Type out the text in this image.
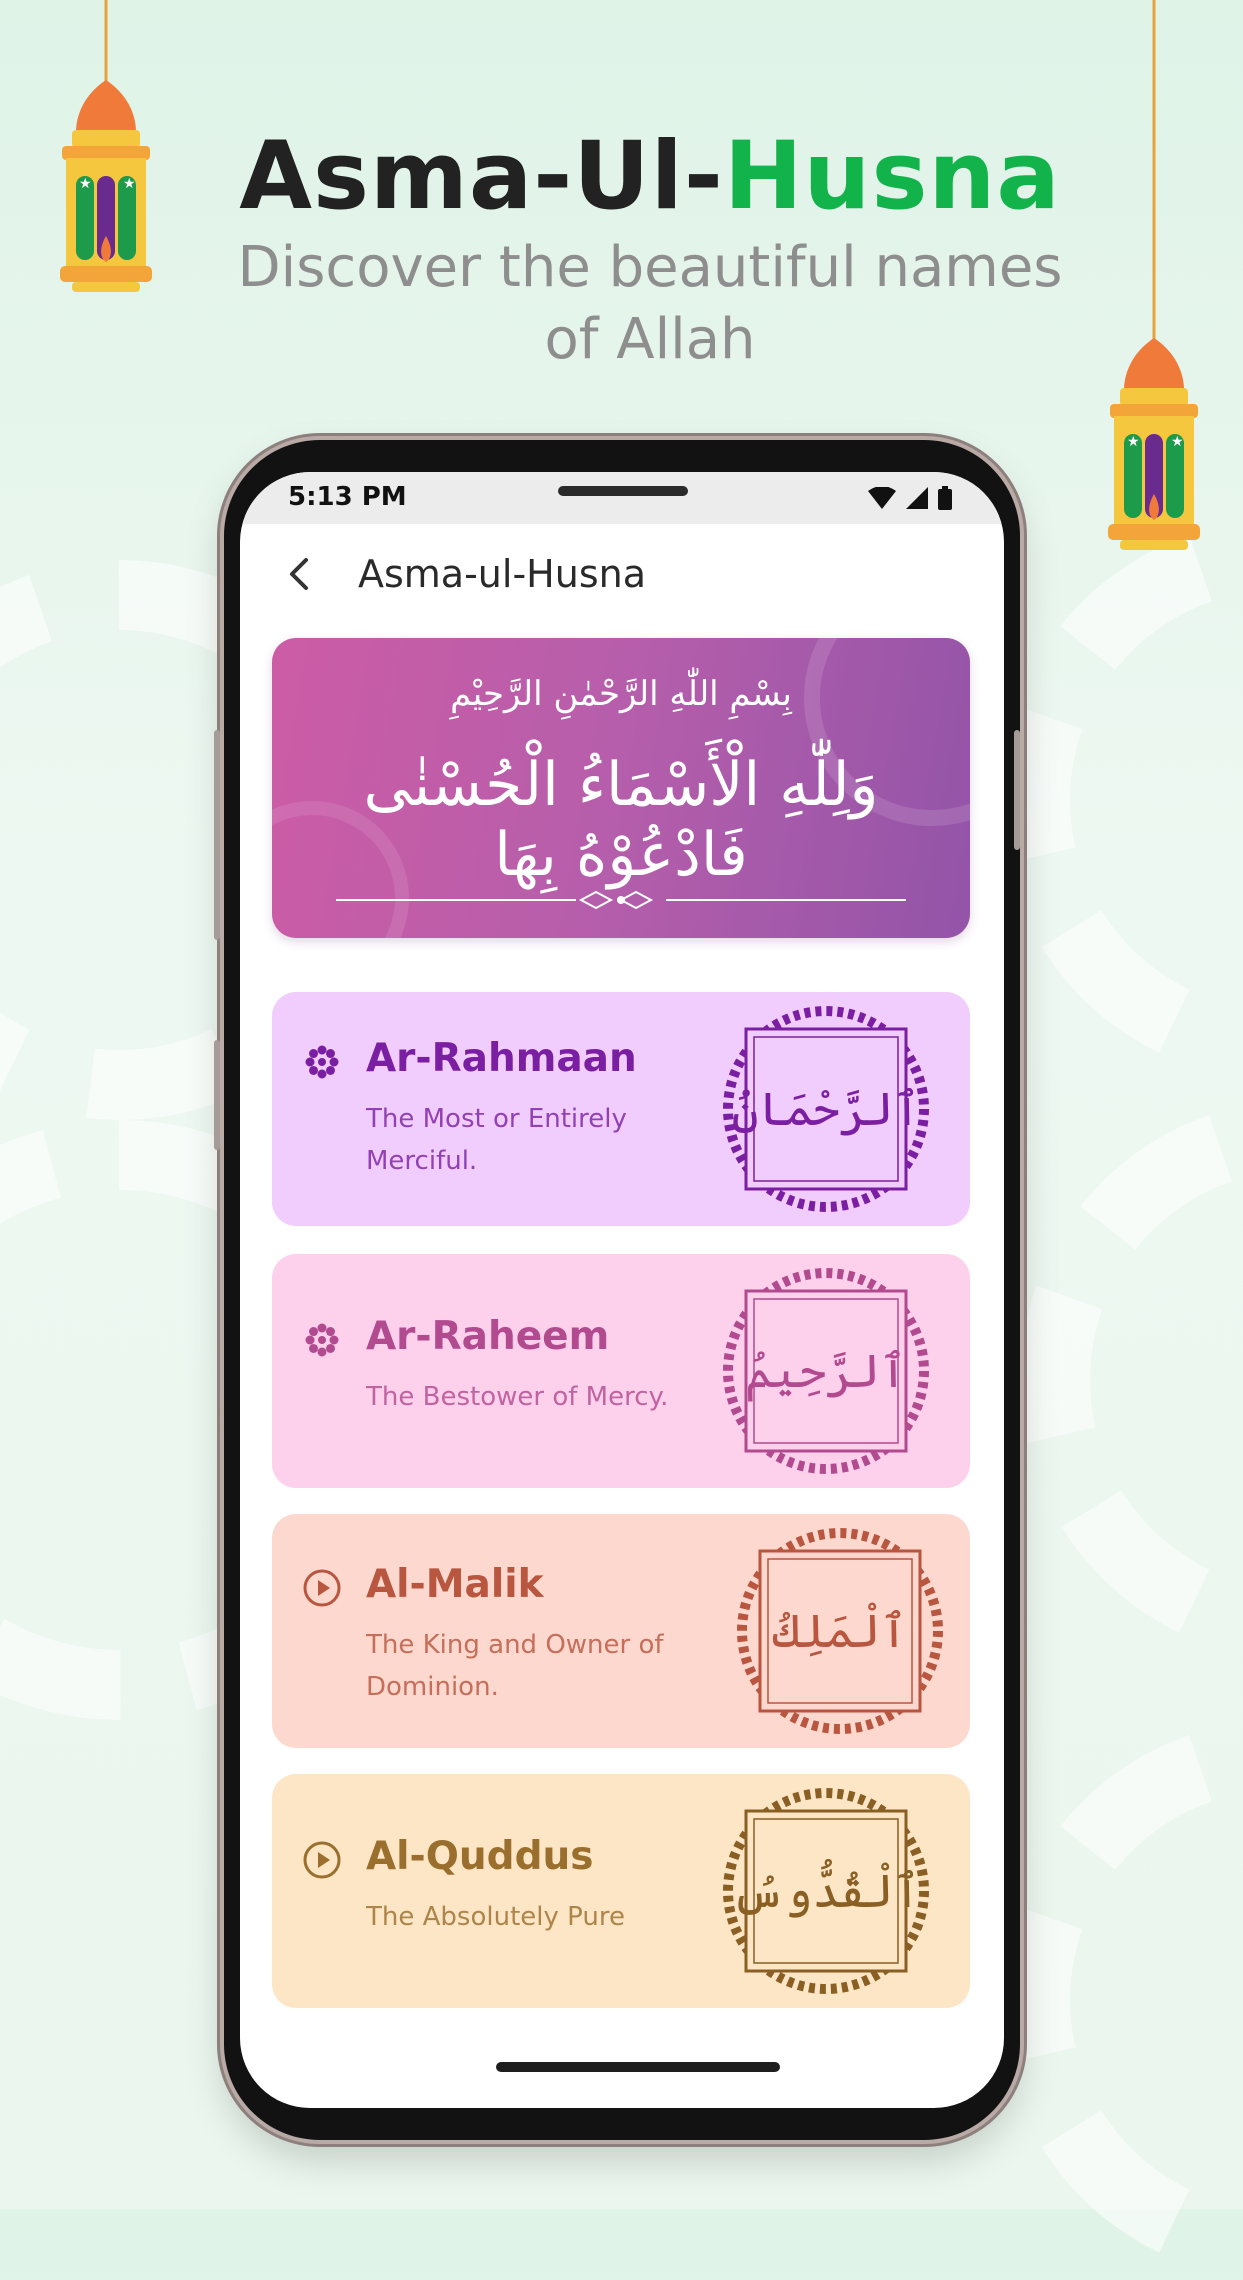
★ ★
★ ★
Asma-Ul-Husna
Discover the beautiful names
of Allah
5:13 PM
Asma-ul-Husna
بِسْمِ اللّٰهِ الرَّحْمٰنِ الرَّحِيْمِ
وَلِلّٰهِ الْأَسْمَاءُ الْحُسْنٰى فَادْعُوْهُ بِهَا
Ar-Rahmaan
The Most or Entirely Merciful.
ٱلرَّحْمَانُ
Ar-Raheem
The Bestower of Mercy.	ٱلرَّحِيمُ
Al-Malik
The King and Owner of Dominion.
ٱلْمَلِكُ
Al-Quddus
The Absolutely Pure	ٱلْقُدُّوسُ
